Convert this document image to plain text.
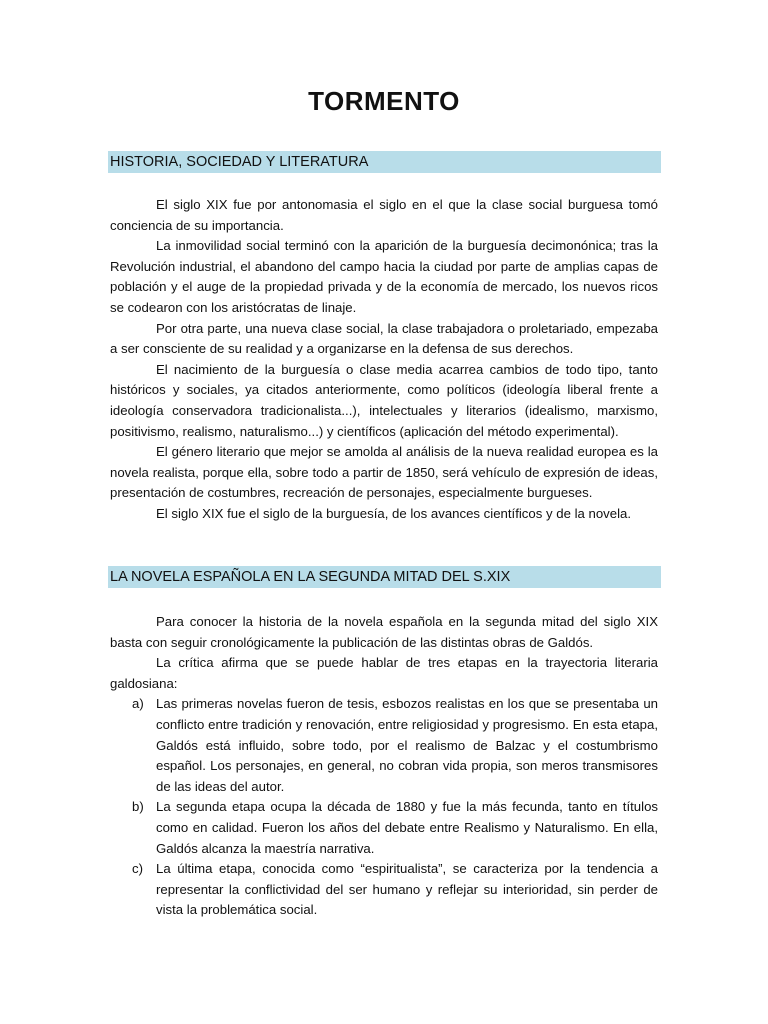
TORMENTO
HISTORIA, SOCIEDAD Y LITERATURA

El siglo XIX fue por antonomasia el siglo en el que la clase social burguesa tomó conciencia de su importancia.

La inmovilidad social terminó con la aparición de la burguesía decimonónica; tras la Revolución industrial, el abandono del campo hacia la ciudad por parte de amplias capas de población y el auge de la propiedad privada y de la economía de mercado, los nuevos ricos se codearon con los aristócratas de linaje.

Por otra parte, una nueva clase social, la clase trabajadora o proletariado, empezaba a ser consciente de su realidad y a organizarse en la defensa de sus derechos.

El nacimiento de la burguesía o clase media acarrea cambios de todo tipo, tanto históricos y sociales, ya citados anteriormente, como políticos (ideología liberal frente a ideología conservadora tradicionalista...), intelectuales y literarios (idealismo, marxismo, positivismo, realismo, naturalismo...) y científicos (aplicación del método experimental).

El género literario que mejor se amolda al análisis de la nueva realidad europea es la novela realista, porque ella, sobre todo a partir de 1850, será vehículo de expresión de ideas, presentación de costumbres, recreación de personajes, especialmente burgueses.

El siglo XIX fue el siglo de la burguesía, de los avances científicos y de la novela.

LA NOVELA ESPAÑOLA EN LA SEGUNDA MITAD DEL S.XIX

Para conocer la historia de la novela española en la segunda mitad del siglo XIX basta con seguir cronológicamente la publicación de las distintas obras de Galdós.

La crítica afirma que se puede hablar de tres etapas en la trayectoria literaria galdosiana:

a) Las primeras novelas fueron de tesis, esbozos realistas en los que se presentaba un conflicto entre tradición y renovación, entre religiosidad y progresismo. En esta etapa, Galdós está influido, sobre todo, por el realismo de Balzac y el costumbrismo español. Los personajes, en general, no cobran vida propia, son meros transmisores de las ideas del autor.
b) La segunda etapa ocupa la década de 1880 y fue la más fecunda, tanto en títulos como en calidad. Fueron los años del debate entre Realismo y Naturalismo. En ella, Galdós alcanza la maestría narrativa.
c) La última etapa, conocida como “espiritualista”, se caracteriza por la tendencia a representar la conflictividad del ser humano y reflejar su interioridad, sin perder de vista la problemática social.
